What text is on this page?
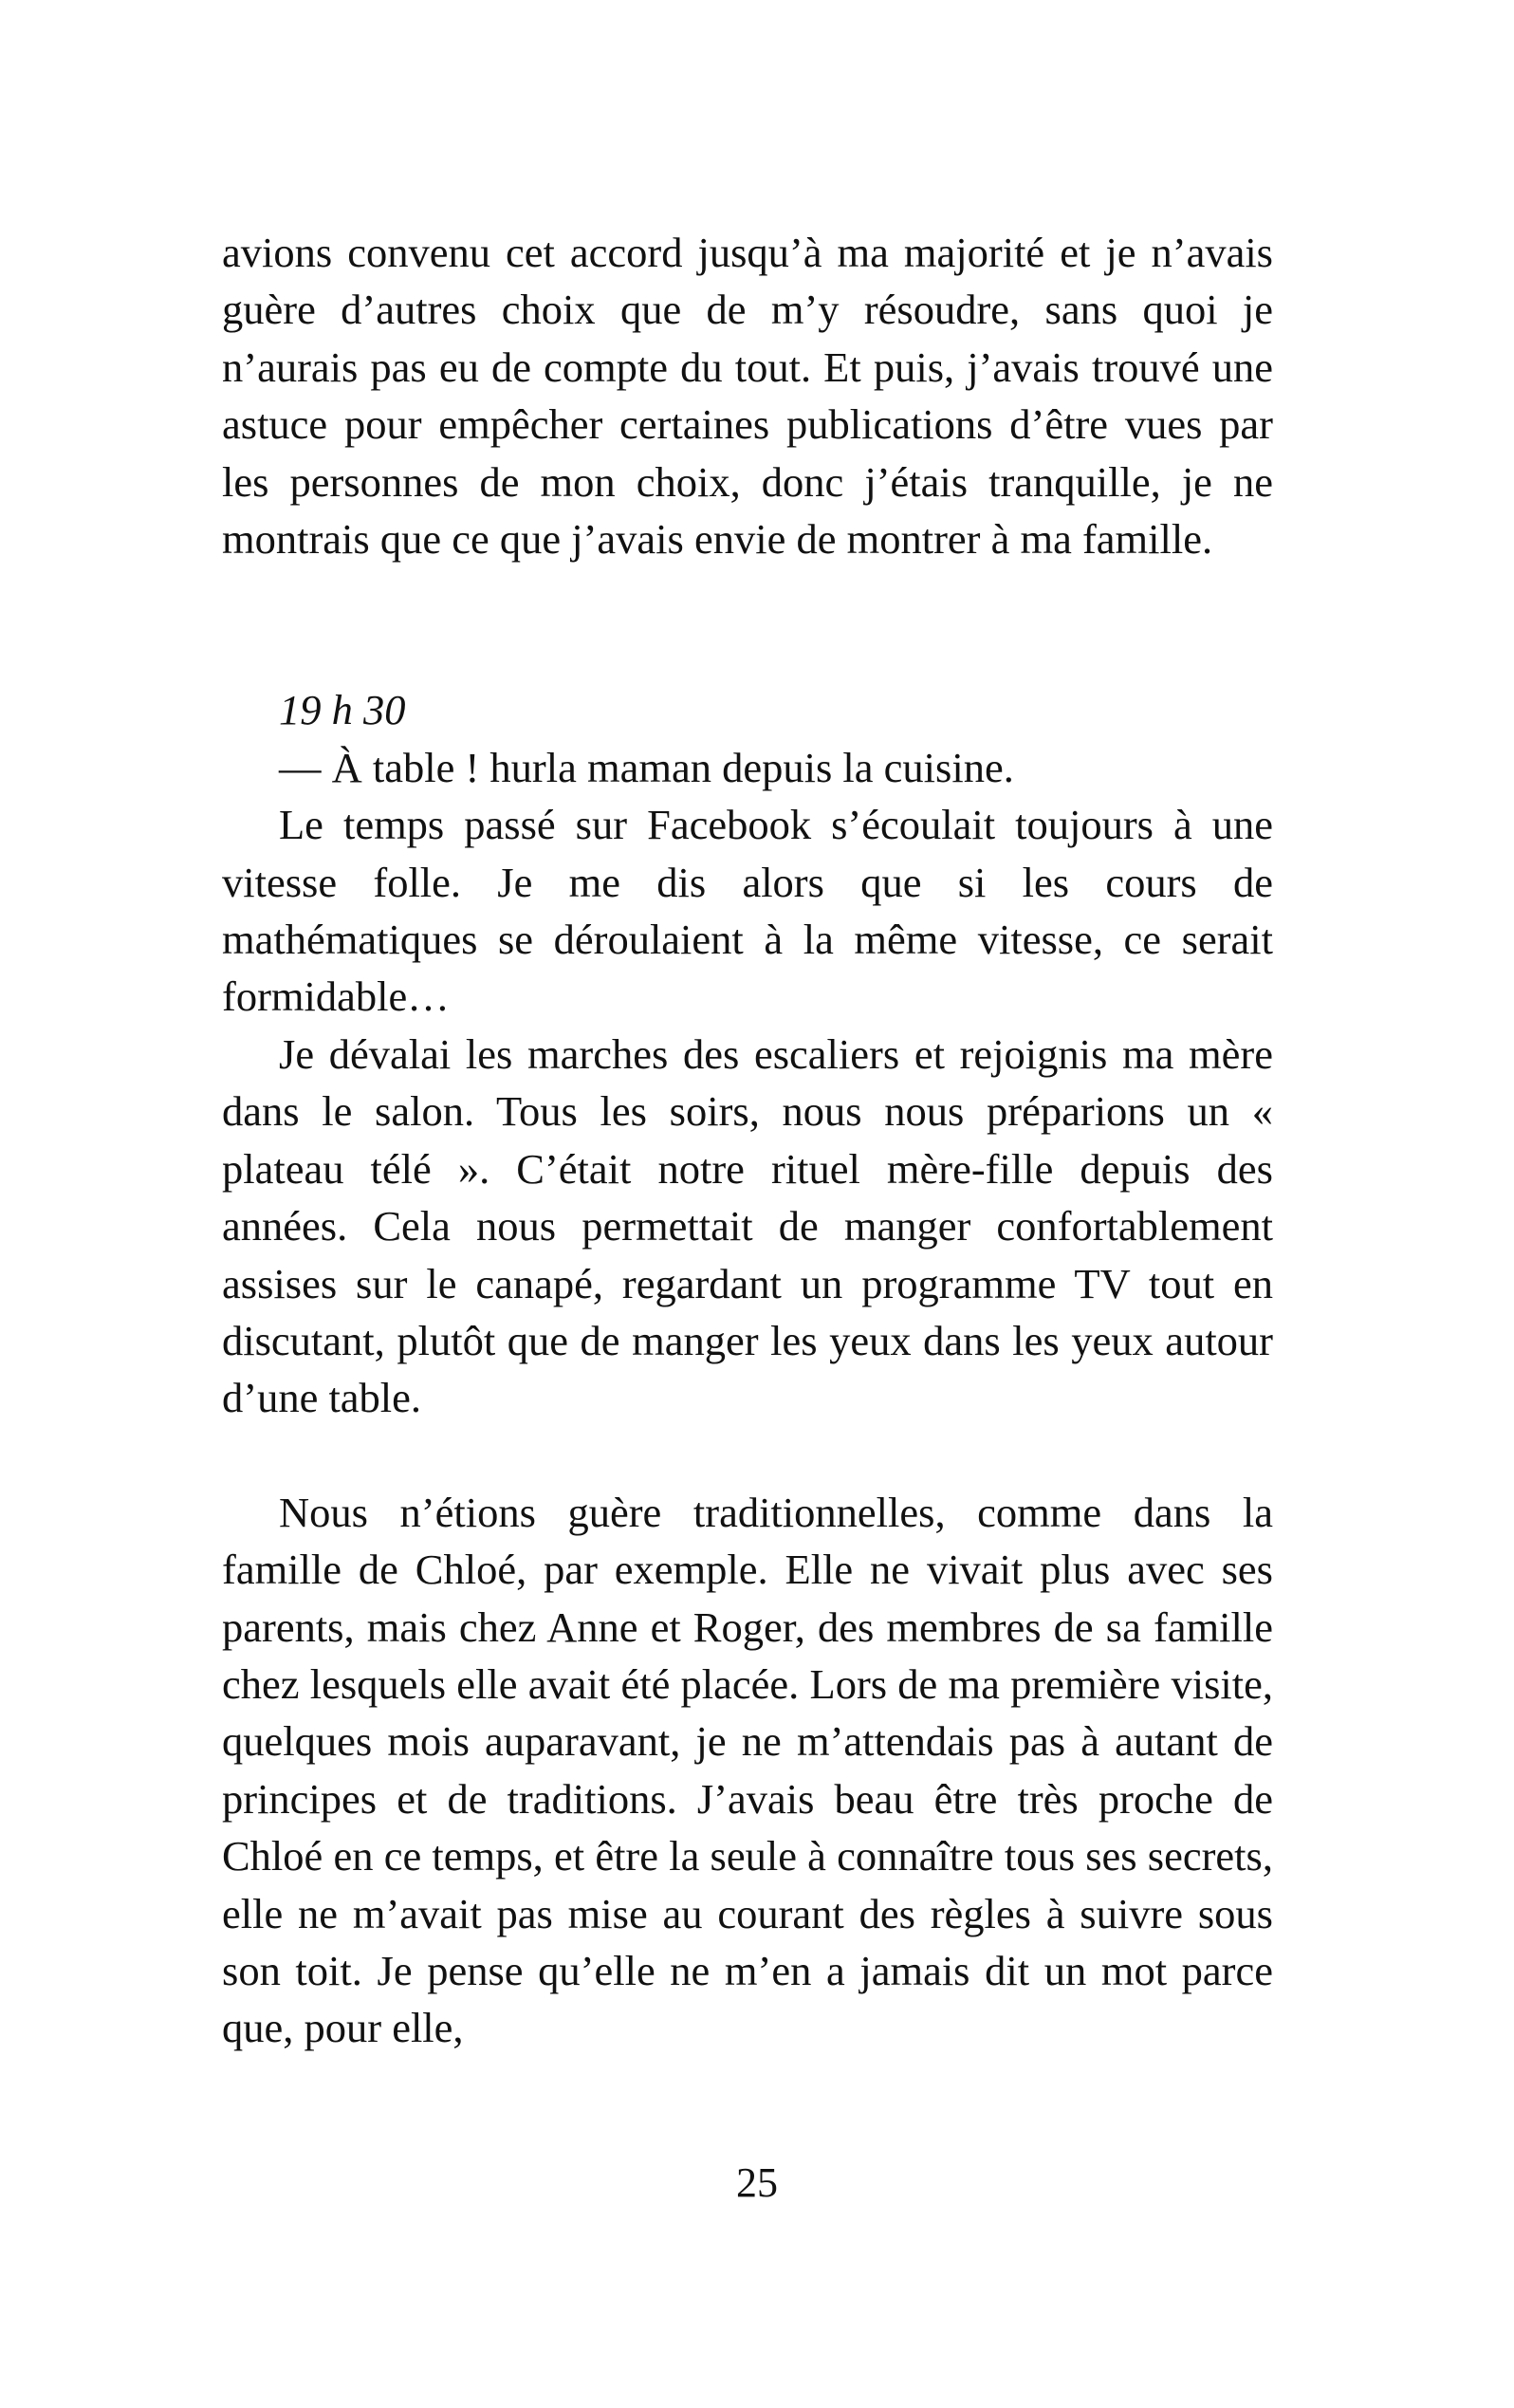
avions convenu cet accord jusqu’à ma majorité et je n’avais guère d’autres choix que de m’y résoudre, sans quoi je n’aurais pas eu de compte du tout. Et puis, j’avais trouvé une astuce pour empêcher certaines publications d’être vues par les personnes de mon choix, donc j’étais tranquille, je ne montrais que ce que j’avais envie de montrer à ma famille.

19 h 30

— À table ! hurla maman depuis la cuisine.

Le temps passé sur Facebook s’écoulait toujours à une vitesse folle. Je me dis alors que si les cours de mathématiques se déroulaient à la même vitesse, ce serait formidable…

Je dévalai les marches des escaliers et rejoignis ma mère dans le salon. Tous les soirs, nous nous préparions un « plateau télé ». C’était notre rituel mère-fille depuis des années. Cela nous permettait de manger confortablement assises sur le canapé, regardant un programme TV tout en discutant, plutôt que de manger les yeux dans les yeux autour d’une table.

Nous n’étions guère traditionnelles, comme dans la famille de Chloé, par exemple. Elle ne vivait plus avec ses parents, mais chez Anne et Roger, des membres de sa famille chez lesquels elle avait été placée. Lors de ma première visite, quelques mois auparavant, je ne m’attendais pas à autant de principes et de traditions. J’avais beau être très proche de Chloé en ce temps, et être la seule à connaître tous ses secrets, elle ne m’avait pas mise au courant des règles à suivre sous son toit. Je pense qu’elle ne m’en a jamais dit un mot parce que, pour elle,

25
